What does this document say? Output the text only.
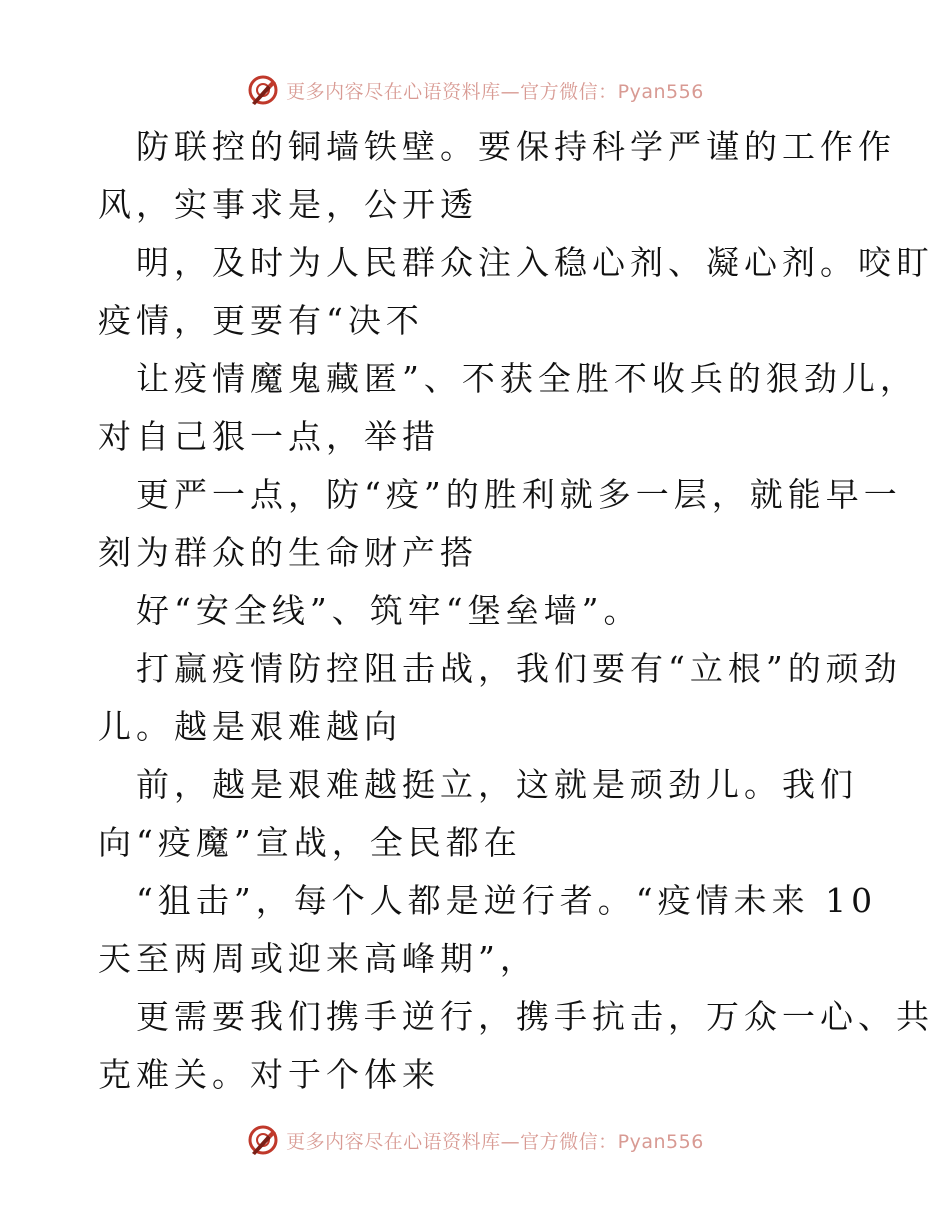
更多内容尽在心语资料库—官方微信：Pyan556

防联控的铜墙铁壁。要保持科学严谨的工作作

风，实事求是，公开透

明，及时为人民群众注入稳心剂、凝心剂。咬盯

疫情，更要有“决不

让疫情魔鬼藏匿”、不获全胜不收兵的狠劲儿，

对自己狠一点，举措

更严一点，防“疫”的胜利就多一层，就能早一

刻为群众的生命财产搭

好“安全线”、筑牢“堡垒墙”。

打赢疫情防控阻击战，我们要有“立根”的顽劲

儿。越是艰难越向

前，越是艰难越挺立，这就是顽劲儿。我们

向“疫魔”宣战，全民都在

“狙击”，每个人都是逆行者。“疫情未来 10

天至两周或迎来高峰期”，

更需要我们携手逆行，携手抗击，万众一心、共

克难关。对于个体来

更多内容尽在心语资料库—官方微信：Pyan556
